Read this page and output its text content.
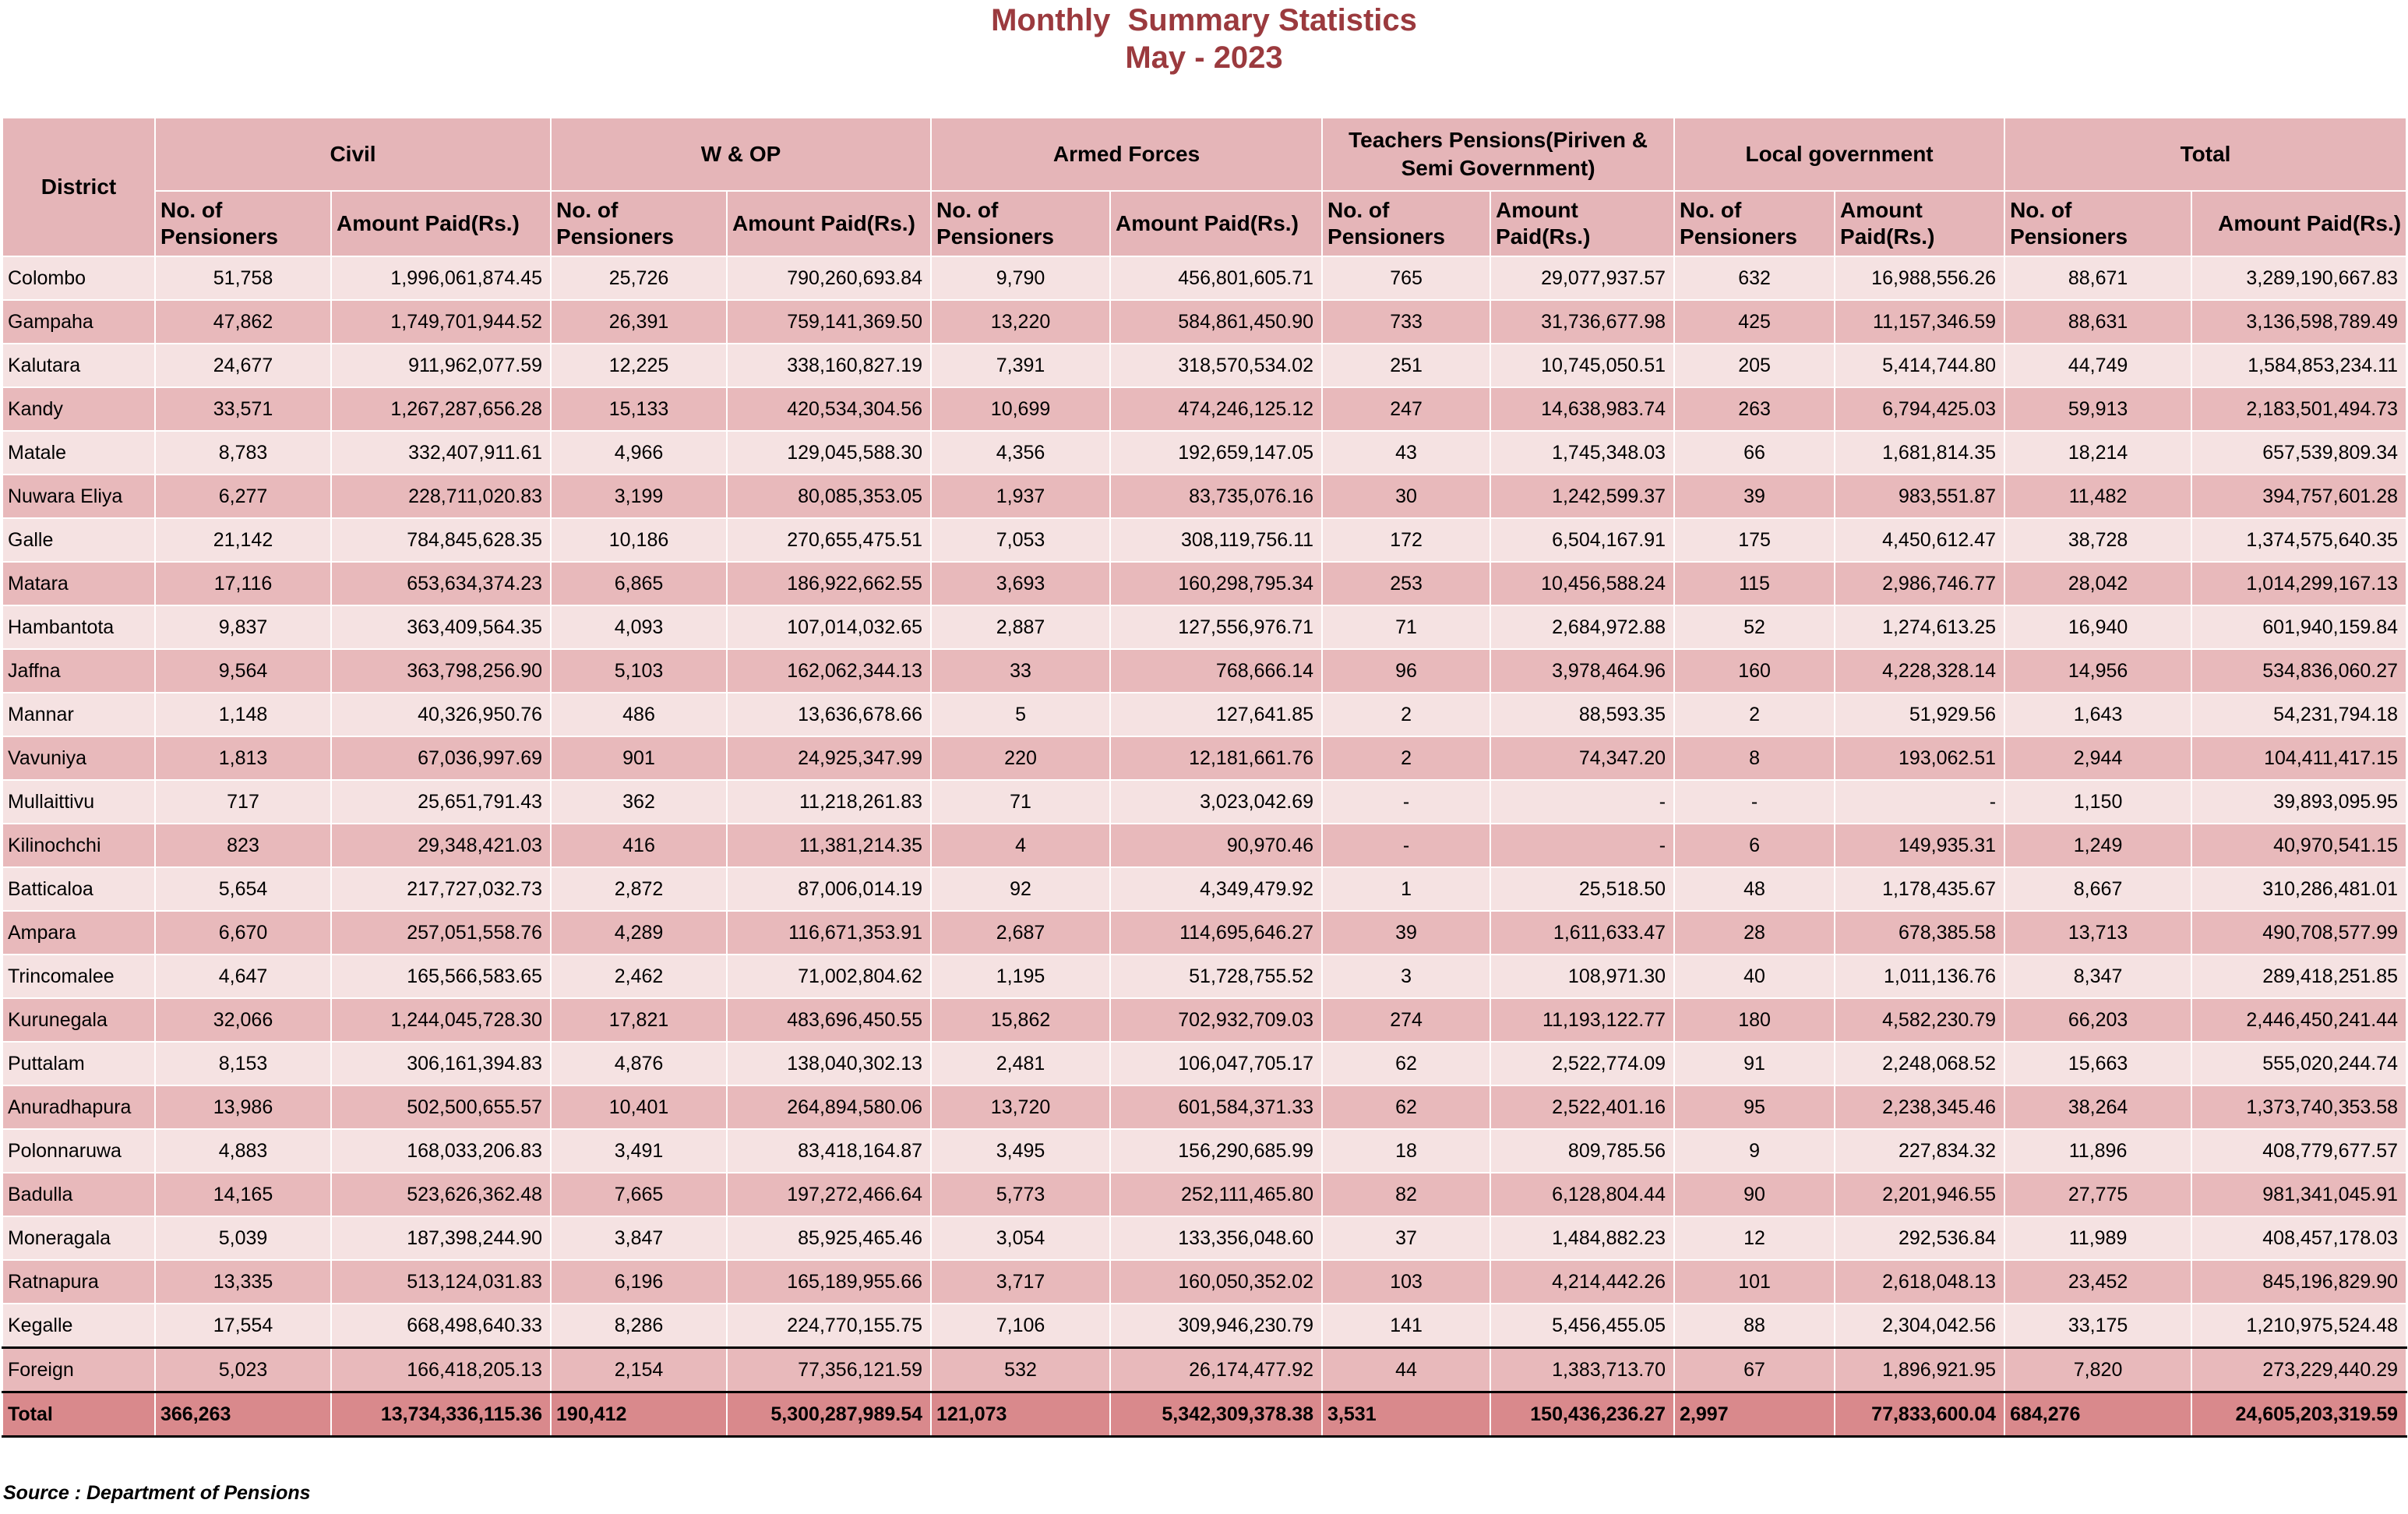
Monthly  Summary Statistics
May - 2023
District	Civil		W & OP		Armed Forces		Teachers Pensions(Piriven & Semi Government)		Local government		Total	
	No. of Pensioners	Amount Paid(Rs.)	No. of Pensioners	Amount Paid(Rs.)	No. of Pensioners	Amount Paid(Rs.)	No. of Pensioners	Amount Paid(Rs.)	No. of Pensioners	Amount Paid(Rs.)	No. of Pensioners	Amount Paid(Rs.)
Colombo	51,758	1,996,061,874.45	25,726	790,260,693.84	9,790	456,801,605.71	765	29,077,937.57	632	16,988,556.26	88,671	3,289,190,667.83
Gampaha	47,862	1,749,701,944.52	26,391	759,141,369.50	13,220	584,861,450.90	733	31,736,677.98	425	11,157,346.59	88,631	3,136,598,789.49
Kalutara	24,677	911,962,077.59	12,225	338,160,827.19	7,391	318,570,534.02	251	10,745,050.51	205	5,414,744.80	44,749	1,584,853,234.11
Kandy	33,571	1,267,287,656.28	15,133	420,534,304.56	10,699	474,246,125.12	247	14,638,983.74	263	6,794,425.03	59,913	2,183,501,494.73
Matale	8,783	332,407,911.61	4,966	129,045,588.30	4,356	192,659,147.05	43	1,745,348.03	66	1,681,814.35	18,214	657,539,809.34
Nuwara Eliya	6,277	228,711,020.83	3,199	80,085,353.05	1,937	83,735,076.16	30	1,242,599.37	39	983,551.87	11,482	394,757,601.28
Galle	21,142	784,845,628.35	10,186	270,655,475.51	7,053	308,119,756.11	172	6,504,167.91	175	4,450,612.47	38,728	1,374,575,640.35
Matara	17,116	653,634,374.23	6,865	186,922,662.55	3,693	160,298,795.34	253	10,456,588.24	115	2,986,746.77	28,042	1,014,299,167.13
Hambantota	9,837	363,409,564.35	4,093	107,014,032.65	2,887	127,556,976.71	71	2,684,972.88	52	1,274,613.25	16,940	601,940,159.84
Jaffna	9,564	363,798,256.90	5,103	162,062,344.13	33	768,666.14	96	3,978,464.96	160	4,228,328.14	14,956	534,836,060.27
Mannar	1,148	40,326,950.76	486	13,636,678.66	5	127,641.85	2	88,593.35	2	51,929.56	1,643	54,231,794.18
Vavuniya	1,813	67,036,997.69	901	24,925,347.99	220	12,181,661.76	2	74,347.20	8	193,062.51	2,944	104,411,417.15
Mullaittivu	717	25,651,791.43	362	11,218,261.83	71	3,023,042.69	-	-	-	-	1,150	39,893,095.95
Kilinochchi	823	29,348,421.03	416	11,381,214.35	4	90,970.46	-	-	6	149,935.31	1,249	40,970,541.15
Batticaloa	5,654	217,727,032.73	2,872	87,006,014.19	92	4,349,479.92	1	25,518.50	48	1,178,435.67	8,667	310,286,481.01
Ampara	6,670	257,051,558.76	4,289	116,671,353.91	2,687	114,695,646.27	39	1,611,633.47	28	678,385.58	13,713	490,708,577.99
Trincomalee	4,647	165,566,583.65	2,462	71,002,804.62	1,195	51,728,755.52	3	108,971.30	40	1,011,136.76	8,347	289,418,251.85
Kurunegala	32,066	1,244,045,728.30	17,821	483,696,450.55	15,862	702,932,709.03	274	11,193,122.77	180	4,582,230.79	66,203	2,446,450,241.44
Puttalam	8,153	306,161,394.83	4,876	138,040,302.13	2,481	106,047,705.17	62	2,522,774.09	91	2,248,068.52	15,663	555,020,244.74
Anuradhapura	13,986	502,500,655.57	10,401	264,894,580.06	13,720	601,584,371.33	62	2,522,401.16	95	2,238,345.46	38,264	1,373,740,353.58
Polonnaruwa	4,883	168,033,206.83	3,491	83,418,164.87	3,495	156,290,685.99	18	809,785.56	9	227,834.32	11,896	408,779,677.57
Badulla	14,165	523,626,362.48	7,665	197,272,466.64	5,773	252,111,465.80	82	6,128,804.44	90	2,201,946.55	27,775	981,341,045.91
Moneragala	5,039	187,398,244.90	3,847	85,925,465.46	3,054	133,356,048.60	37	1,484,882.23	12	292,536.84	11,989	408,457,178.03
Ratnapura	13,335	513,124,031.83	6,196	165,189,955.66	3,717	160,050,352.02	103	4,214,442.26	101	2,618,048.13	23,452	845,196,829.90
Kegalle	17,554	668,498,640.33	8,286	224,770,155.75	7,106	309,946,230.79	141	5,456,455.05	88	2,304,042.56	33,175	1,210,975,524.48
Foreign	5,023	166,418,205.13	2,154	77,356,121.59	532	26,174,477.92	44	1,383,713.70	67	1,896,921.95	7,820	273,229,440.29
Total	366,263	13,734,336,115.36	190,412	5,300,287,989.54	121,073	5,342,309,378.38	3,531	150,436,236.27	2,997	77,833,600.04	684,276	24,605,203,319.59
Source : Department of Pensions
